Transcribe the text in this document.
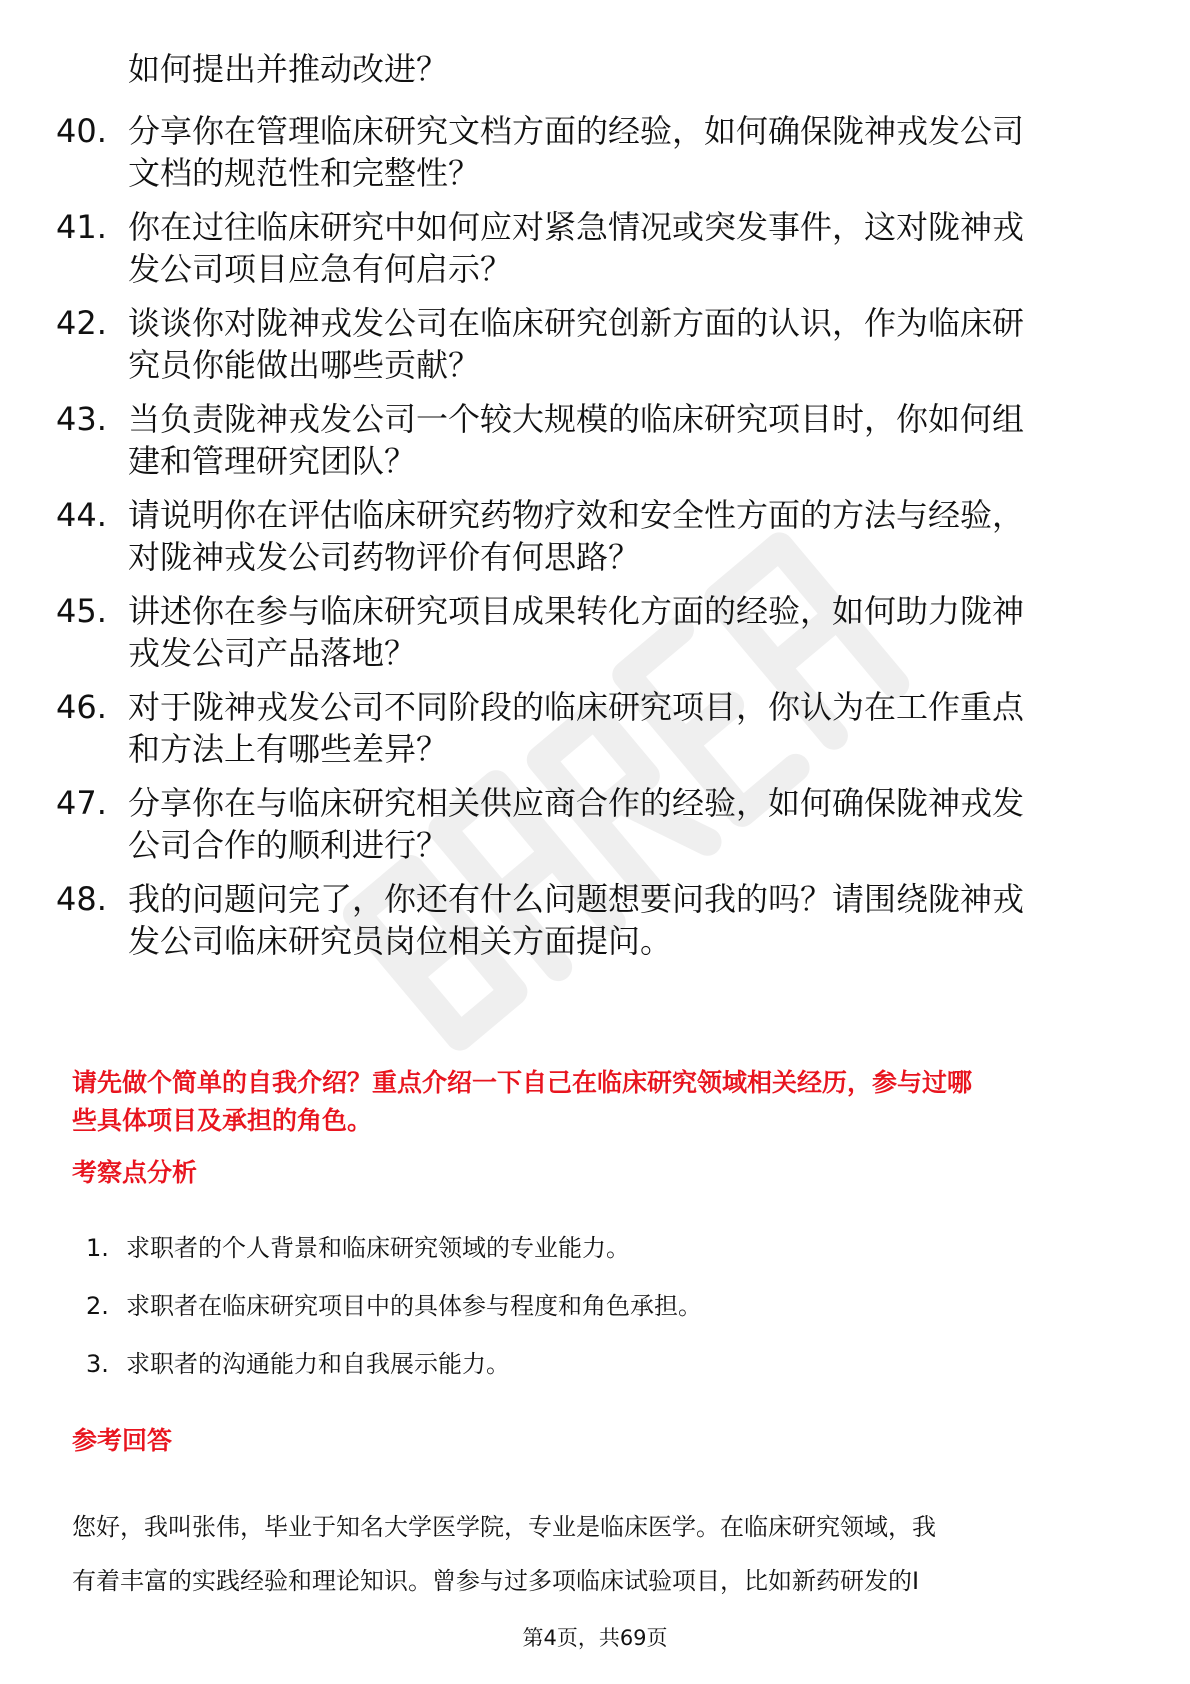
如何提出并推动改进？
40. 分享你在管理临床研究文档方面的经验，如何确保陇神戎发公司
文档的规范性和完整性？
41. 你在过往临床研究中如何应对紧急情况或突发事件，这对陇神戎
发公司项目应急有何启示？
42. 谈谈你对陇神戎发公司在临床研究创新方面的认识，作为临床研
究员你能做出哪些贡献？
43. 当负责陇神戎发公司一个较大规模的临床研究项目时，你如何组
建和管理研究团队？
44. 请说明你在评估临床研究药物疗效和安全性方面的方法与经验，
对陇神戎发公司药物评价有何思路？
45. 讲述你在参与临床研究项目成果转化方面的经验，如何助力陇神
戎发公司产品落地？
46. 对于陇神戎发公司不同阶段的临床研究项目，你认为在工作重点
和方法上有哪些差异？
47. 分享你在与临床研究相关供应商合作的经验，如何确保陇神戎发
公司合作的顺利进行？
48. 我的问题问完了，你还有什么问题想要问我的吗？请围绕陇神戎
发公司临床研究员岗位相关方面提问。
请先做个简单的自我介绍？重点介绍一下自己在临床研究领域相关经历，参与过哪
些具体项目及承担的角色。
考察点分析
1. 求职者的个人背景和临床研究领域的专业能力。
2. 求职者在临床研究项目中的具体参与程度和角色承担。
3. 求职者的沟通能力和自我展示能力。
参考回答
您好，我叫张伟，毕业于知名大学医学院，专业是临床医学。在临床研究领域，我
有着丰富的实践经验和理论知识。曾参与过多项临床试验项目，比如新药研发的I
第4页，共69页
